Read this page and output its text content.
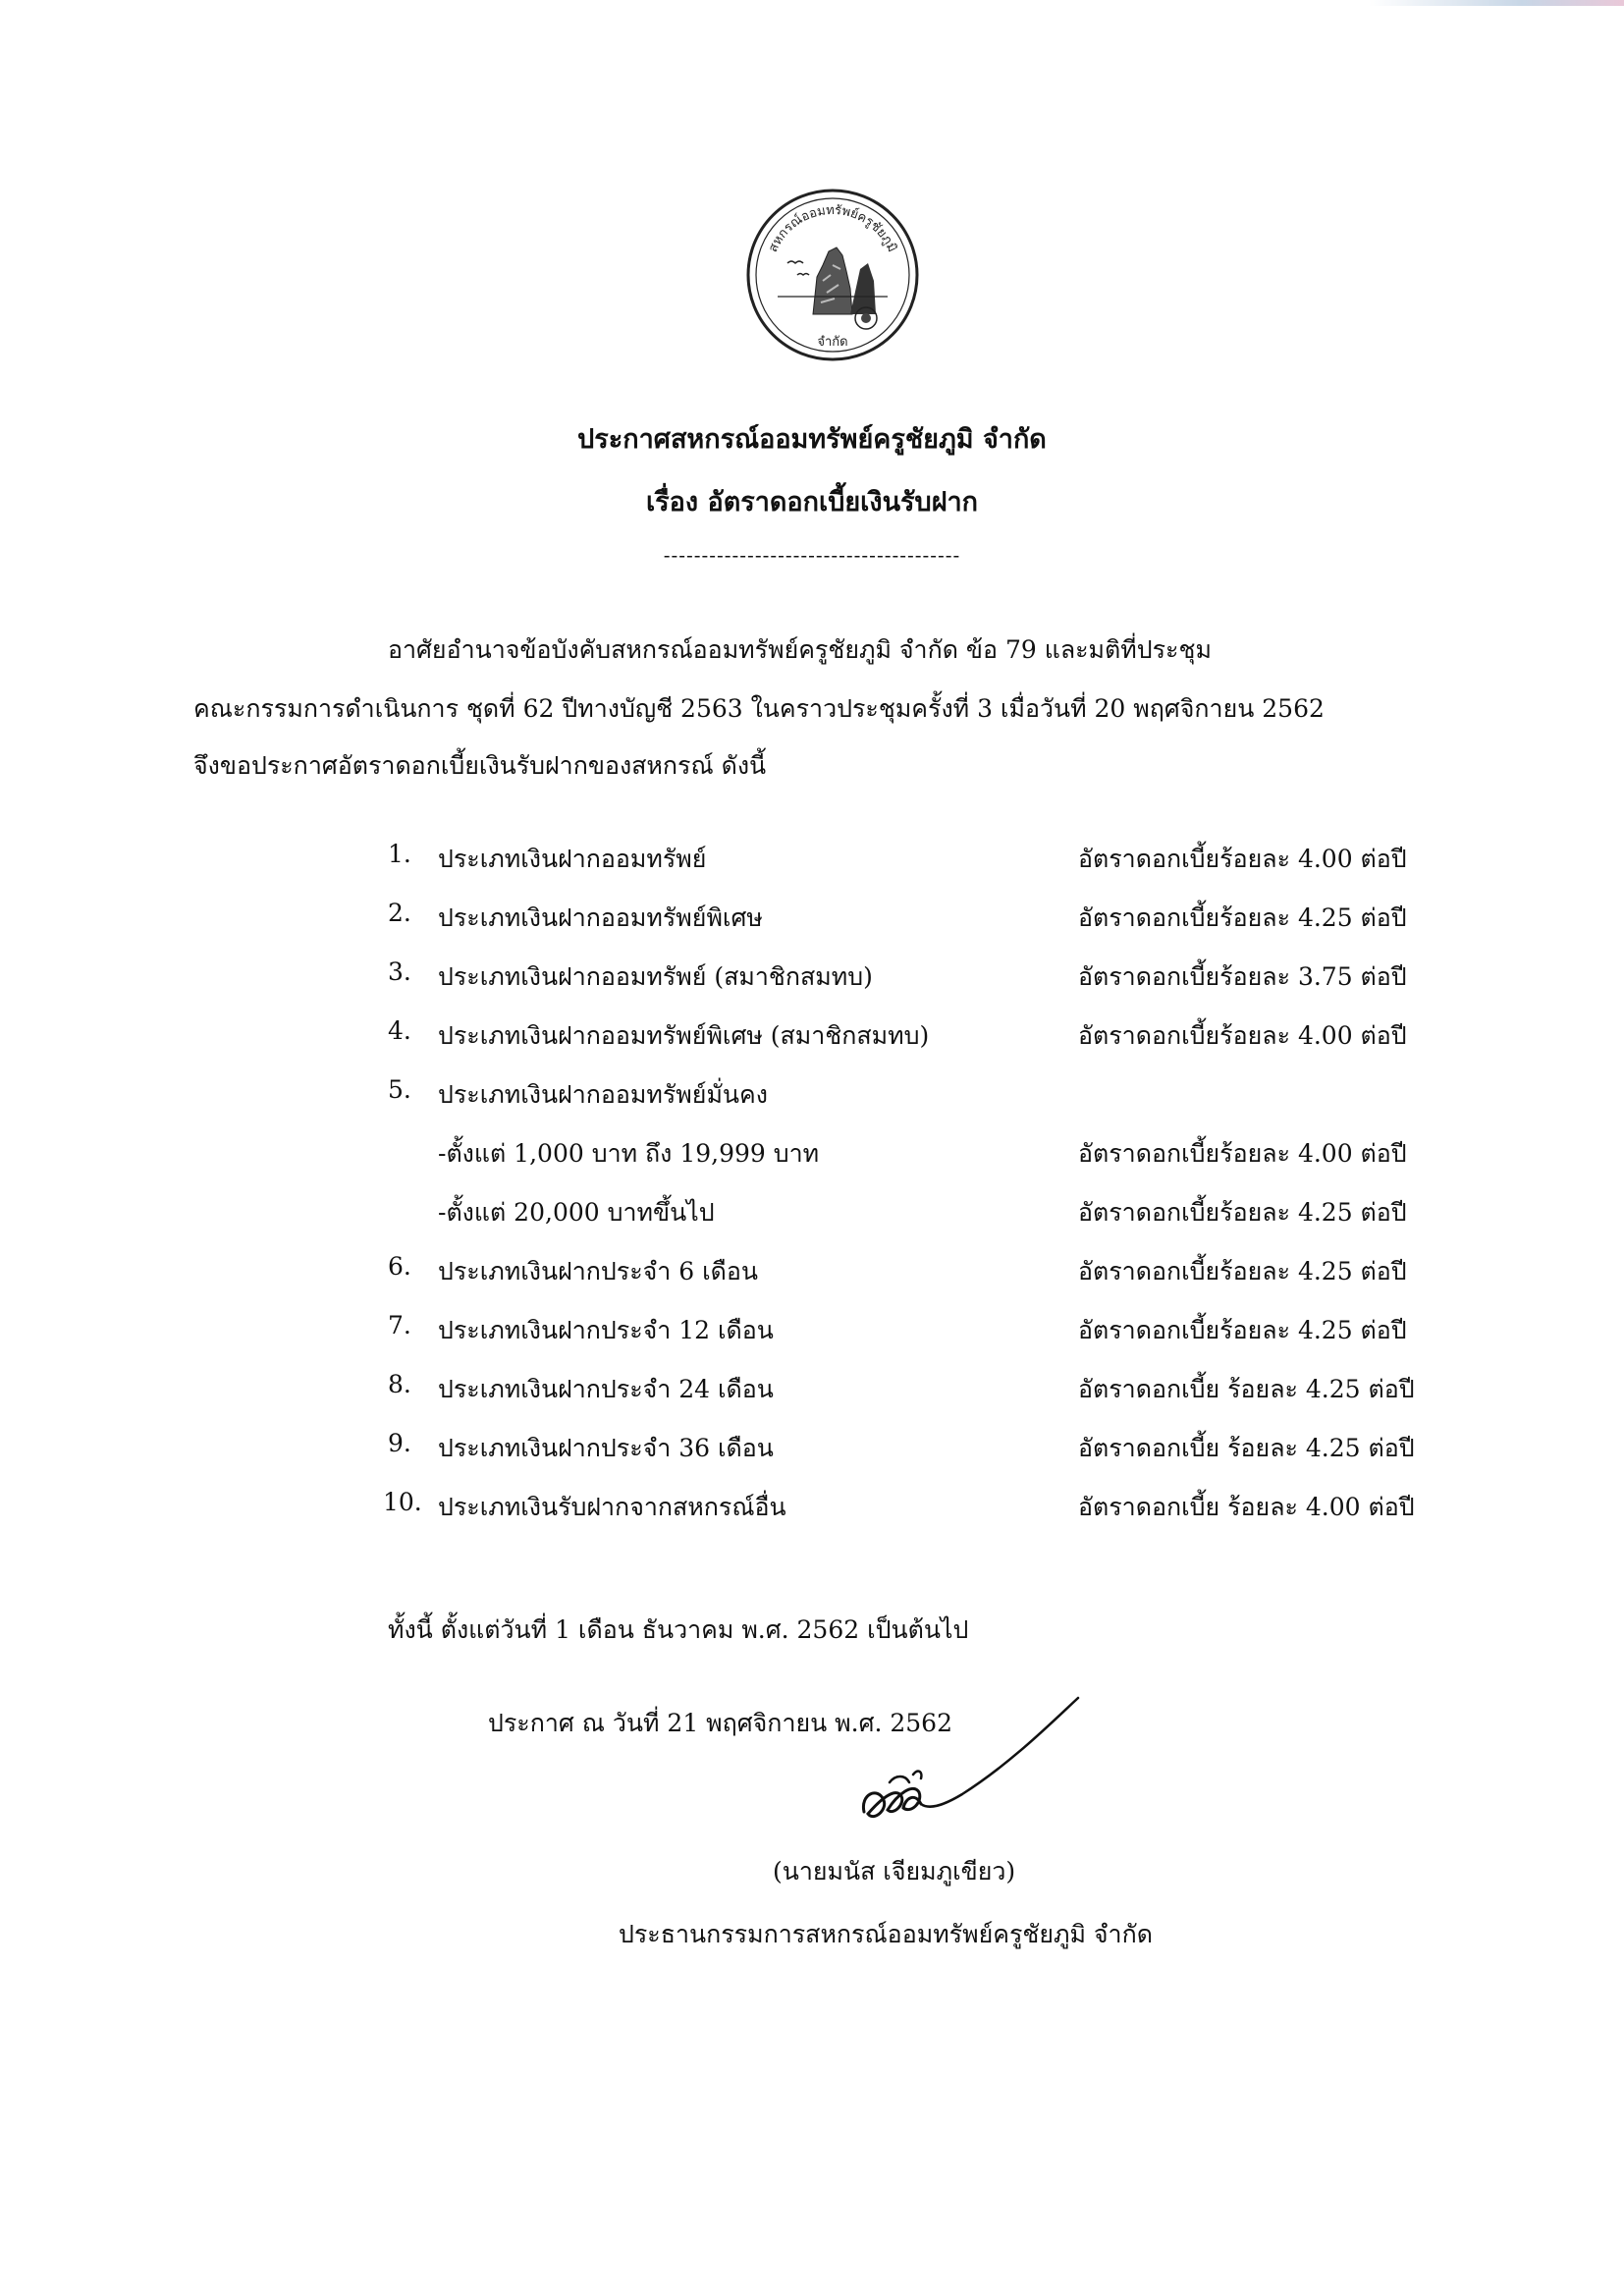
สหกรณ์ออมทรัพย์ครูชัยภูมิ
จำกัด
ประกาศสหกรณ์ออมทรัพย์ครูชัยภูมิ จำกัด
เรื่อง อัตราดอกเบี้ยเงินรับฝาก
---------------------------------------
อาศัยอำนาจข้อบังคับสหกรณ์ออมทรัพย์ครูชัยภูมิ จำกัด ข้อ 79 และมติที่ประชุม
คณะกรรมการดำเนินการ ชุดที่ 62 ปีทางบัญชี 2563 ในคราวประชุมครั้งที่ 3 เมื่อวันที่ 20 พฤศจิกายน 2562
จึงขอประกาศอัตราดอกเบี้ยเงินรับฝากของสหกรณ์ ดังนี้
1. ประเภทเงินฝากออมทรัพย์	อัตราดอกเบี้ยร้อยละ 4.00 ต่อปี
2. ประเภทเงินฝากออมทรัพย์พิเศษ	อัตราดอกเบี้ยร้อยละ 4.25 ต่อปี
3. ประเภทเงินฝากออมทรัพย์ (สมาชิกสมทบ)	อัตราดอกเบี้ยร้อยละ 3.75 ต่อปี
4. ประเภทเงินฝากออมทรัพย์พิเศษ (สมาชิกสมทบ)	อัตราดอกเบี้ยร้อยละ 4.00 ต่อปี
5. ประเภทเงินฝากออมทรัพย์มั่นคง
-ตั้งแต่ 1,000 บาท ถึง 19,999 บาท	อัตราดอกเบี้ยร้อยละ 4.00 ต่อปี
-ตั้งแต่ 20,000 บาทขึ้นไป	อัตราดอกเบี้ยร้อยละ 4.25 ต่อปี
6. ประเภทเงินฝากประจำ 6 เดือน	อัตราดอกเบี้ยร้อยละ 4.25 ต่อปี
7. ประเภทเงินฝากประจำ 12 เดือน	อัตราดอกเบี้ยร้อยละ 4.25 ต่อปี
8. ประเภทเงินฝากประจำ 24 เดือน	อัตราดอกเบี้ย ร้อยละ 4.25 ต่อปี
9. ประเภทเงินฝากประจำ 36 เดือน	อัตราดอกเบี้ย ร้อยละ 4.25 ต่อปี
10. ประเภทเงินรับฝากจากสหกรณ์อื่น	อัตราดอกเบี้ย ร้อยละ 4.00 ต่อปี
ทั้งนี้ ตั้งแต่วันที่ 1 เดือน ธันวาคม พ.ศ. 2562 เป็นต้นไป
ประกาศ ณ วันที่ 21 พฤศจิกายน พ.ศ. 2562
(นายมนัส เจียมภูเขียว)
ประธานกรรมการสหกรณ์ออมทรัพย์ครูชัยภูมิ จำกัด
